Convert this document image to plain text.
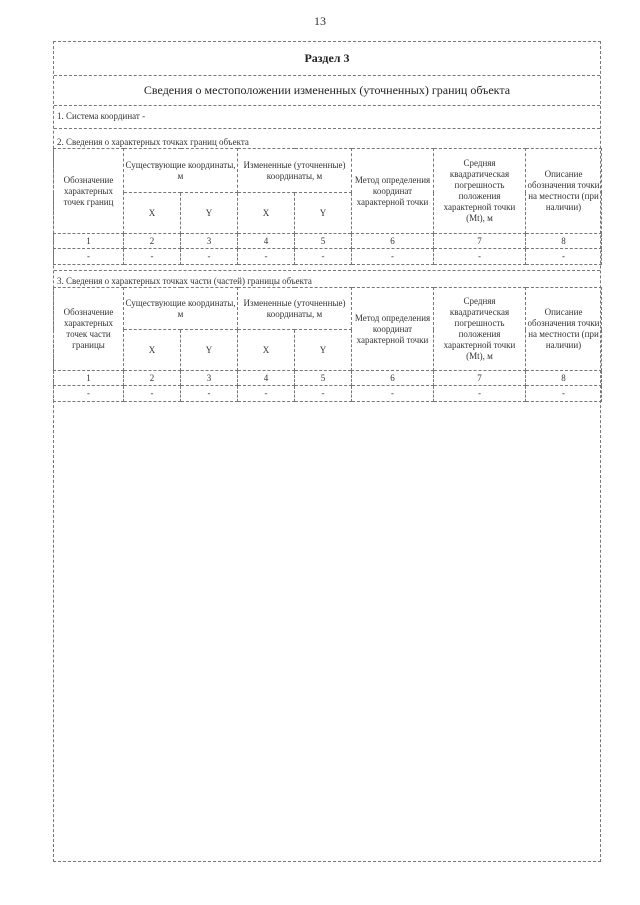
13
Раздел 3
Сведения о местоположении измененных (уточненных) границ объекта
1. Система координат -
2. Сведения о характерных точках границ объекта
Обозначение характерных точек границ	Существующие координаты, м		Измененные (уточненные) координаты, м		Метод определения координат характерной точки	Средняя квадратическая погрешность положения характерной точки (Mt), м	Описание обозначения точки на местности (при наличии)
	X	Y	X	Y			
1	2	3	4	5	6	7	8
-	-	-	-	-	-	-	-
3. Сведения о характерных точках части (частей) границы объекта
Обозначение характерных точек части границы	Существующие координаты, м		Измененные (уточненные) координаты, м		Метод определения координат характерной точки	Средняя квадратическая погрешность положения характерной точки (Mt), м	Описание обозначения точки на местности (при наличии)
	X	Y	X	Y			
1	2	3	4	5	6	7	8
-	-	-	-	-	-	-	-
